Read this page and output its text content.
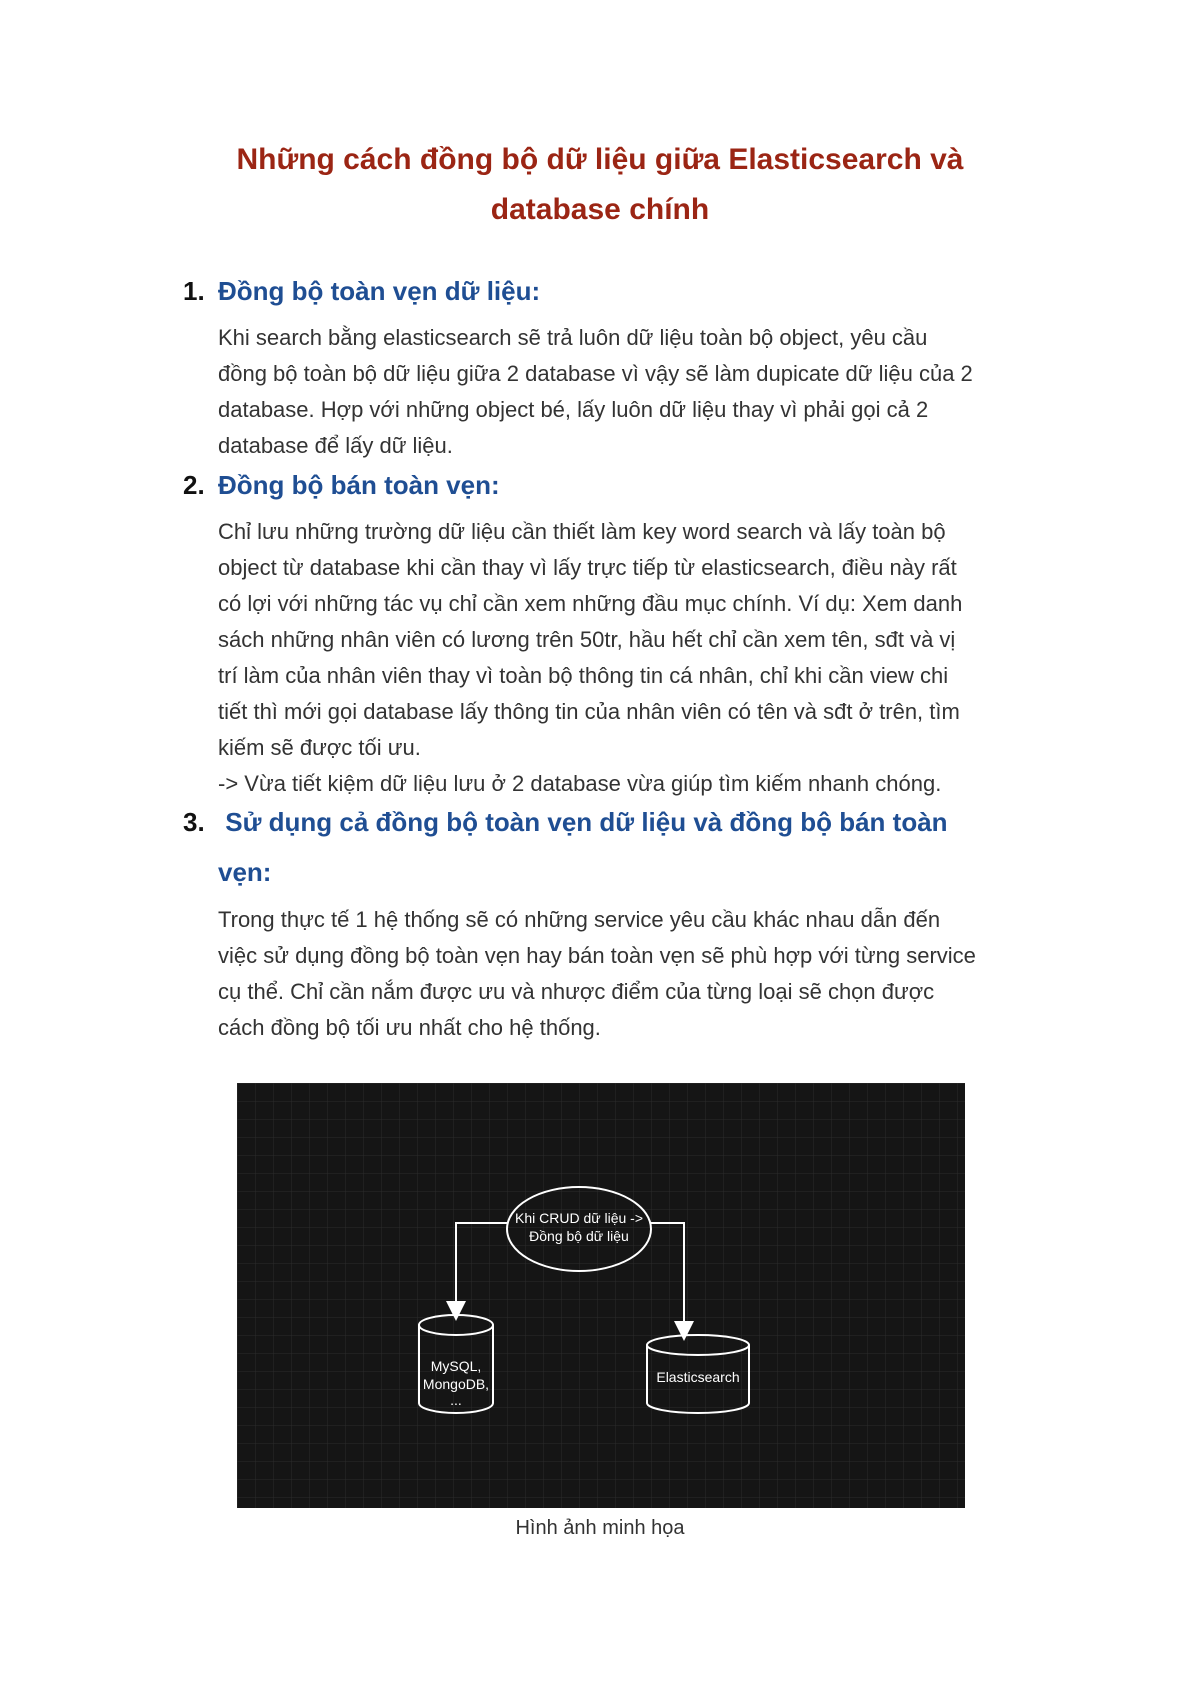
Những cách đồng bộ dữ liệu giữa Elasticsearch và
database chính
1. Đồng bộ toàn vẹn dữ liệu:
Khi search bằng elasticsearch sẽ trả luôn dữ liệu toàn bộ object, yêu cầu
đồng bộ toàn bộ dữ liệu giữa 2 database vì vậy sẽ làm dupicate dữ liệu của 2
database. Hợp với những object bé, lấy luôn dữ liệu thay vì phải gọi cả 2
database để lấy dữ liệu.
2. Đồng bộ bán toàn vẹn:
Chỉ lưu những trường dữ liệu cần thiết làm key word search và lấy toàn bộ
object từ database khi cần thay vì lấy trực tiếp từ elasticsearch, điều này rất
có lợi với những tác vụ chỉ cần xem những đầu mục chính. Ví dụ: Xem danh
sách những nhân viên có lương trên 50tr, hầu hết chỉ cần xem tên, sđt và vị
trí làm của nhân viên thay vì toàn bộ thông tin cá nhân, chỉ khi cần view chi
tiết thì mới gọi database lấy thông tin của nhân viên có tên và sđt ở trên, tìm
kiếm sẽ được tối ưu.
-> Vừa tiết kiệm dữ liệu lưu ở 2 database vừa giúp tìm kiếm nhanh chóng.
3. Sử dụng cả đồng bộ toàn vẹn dữ liệu và đồng bộ bán toàn
vẹn:
Trong thực tế 1 hệ thống sẽ có những service yêu cầu khác nhau dẫn đến
việc sử dụng đồng bộ toàn vẹn hay bán toàn vẹn sẽ phù hợp với từng service
cụ thể. Chỉ cần nắm được ưu và nhược điểm của từng loại sẽ chọn được
cách đồng bộ tối ưu nhất cho hệ thống.
Khi CRUD dữ liệu ->
Đồng bộ dữ liệu
MySQL,
MongoDB,
...
Elasticsearch
Hình ảnh minh họa
